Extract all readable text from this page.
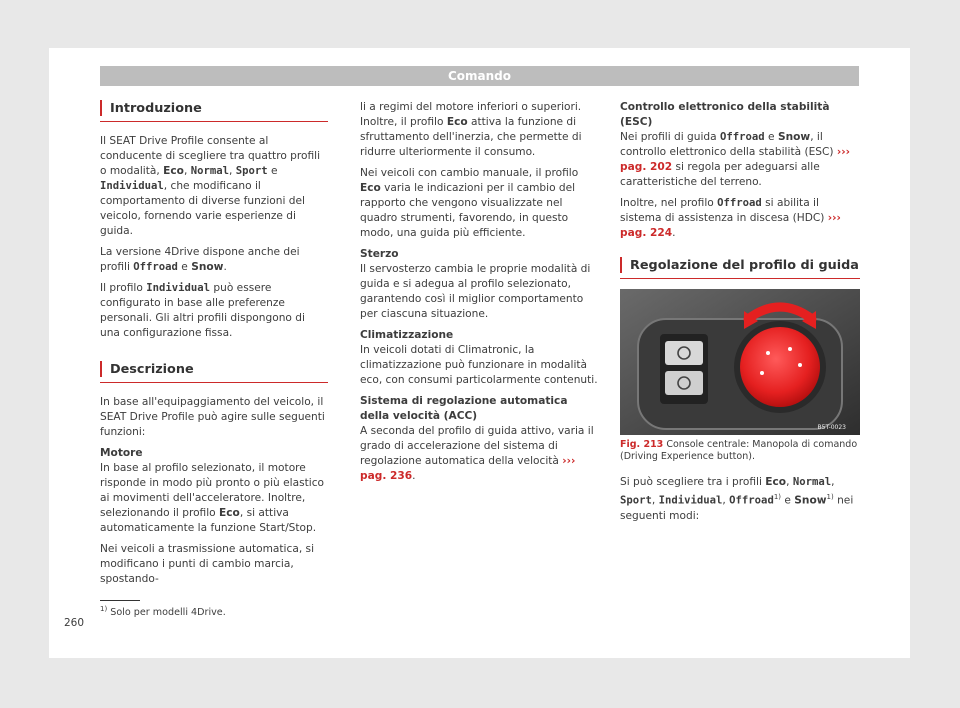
Comando
Introduzione

Il SEAT Drive Profile consente al conducente di scegliere tra quattro profili o modalità, Eco, Normal, Sport e Individual, che modificano il comportamento di diverse funzioni del veicolo, fornendo varie esperienze di guida.

La versione 4Drive dispone anche dei profili Offroad e Snow.

Il profilo Individual può essere configurato in base alle preferenze personali. Gli altri profili dispongono di una configurazione fissa.

Descrizione

In base all'equipaggiamento del veicolo, il SEAT Drive Profile può agire sulle seguenti funzioni:

Motore

In base al profilo selezionato, il motore risponde in modo più pronto o più elastico ai movimenti dell'acceleratore. Inoltre, selezionando il profilo Eco, si attiva automaticamente la funzione Start/Stop.

Nei veicoli a trasmissione automatica, si modificano i punti di cambio marcia, spostando-

li a regimi del motore inferiori o superiori. Inoltre, il profilo Eco attiva la funzione di sfruttamento dell'inerzia, che permette di ridurre ulteriormente il consumo.

Nei veicoli con cambio manuale, il profilo Eco varia le indicazioni per il cambio del rapporto che vengono visualizzate nel quadro strumenti, favorendo, in questo modo, una guida più efficiente.

Sterzo

Il servosterzo cambia le proprie modalità di guida e si adegua al profilo selezionato, garantendo così il miglior comportamento per ciascuna situazione.

Climatizzazione

In veicoli dotati di Climatronic, la climatizzazione può funzionare in modalità eco, con consumi particolarmente contenuti.

Sistema di regolazione automatica della velocità (ACC)

A seconda del profilo di guida attivo, varia il grado di accelerazione del sistema di regolazione automatica della velocità ››› pag. 236.

Controllo elettronico della stabilità (ESC)

Nei profili di guida Offroad e Snow, il controllo elettronico della stabilità (ESC) ››› pag. 202 si regola per adeguarsi alle caratteristiche del terreno.

Inoltre, nel profilo Offroad si abilita il sistema di assistenza in discesa (HDC) ››› pag. 224.

Regolazione del profilo di guida
B5T-0023
Fig. 213 Console centrale: Manopola di comando (Driving Experience button).

Si può scegliere tra i profili Eco, Normal, Sport, Individual, Offroad$^{1)}$ e Snow$^{1)}$ nei seguenti modi:

$^{1)}$ Solo per modelli 4Drive.
260
